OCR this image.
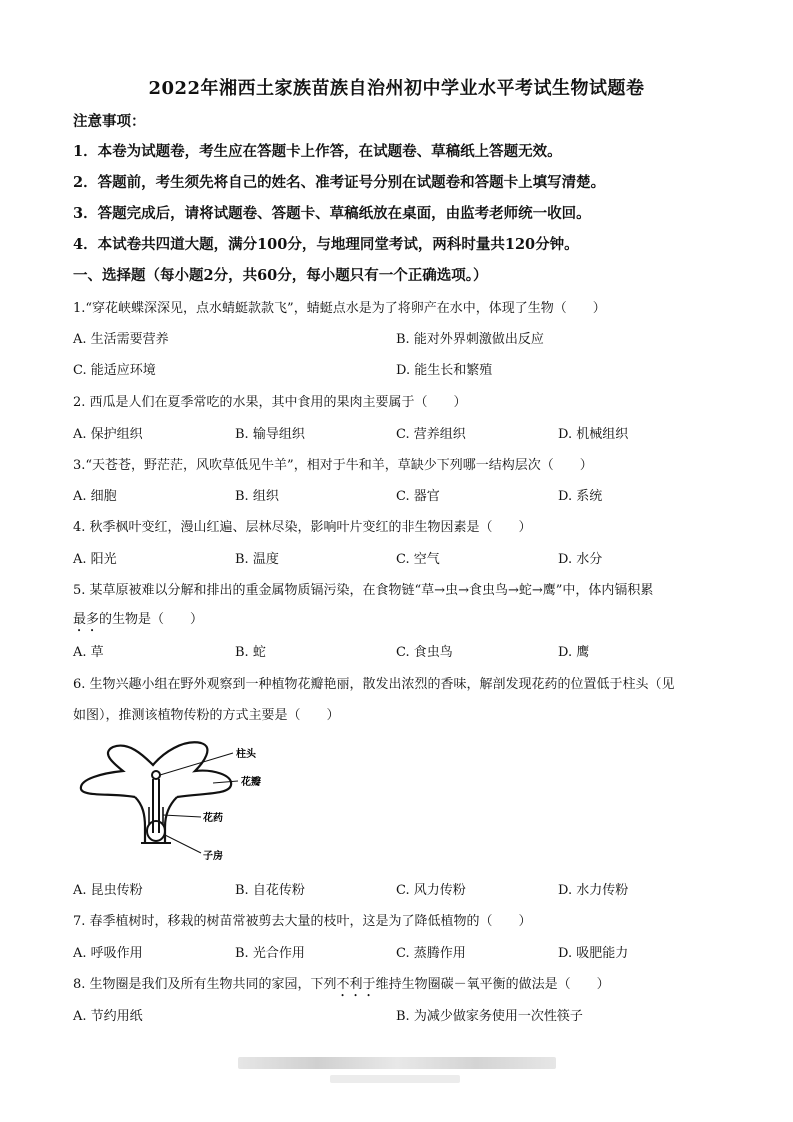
2022年湘西土家族苗族自治州初中学业水平考试生物试题卷
注意事项：
1．本卷为试题卷，考生应在答题卡上作答，在试题卷、草稿纸上答题无效。
2．答题前，考生须先将自己的姓名、准考证号分别在试题卷和答题卡上填写清楚。
3．答题完成后，请将试题卷、答题卡、草稿纸放在桌面，由监考老师统一收回。
4．本试卷共四道大题，满分100分，与地理同堂考试，两科时量共120分钟。
一、选择题（每小题2分，共60分，每小题只有一个正确选项。）
1.“穿花峡蝶深深见，点水蜻蜓款款飞”，蜻蜓点水是为了将卵产在水中，体现了生物（　　）
A. 生活需要营养	B. 能对外界刺激做出反应
C. 能适应环境	D. 能生长和繁殖
2. 西瓜是人们在夏季常吃的水果，其中食用的果肉主要属于（　　）
A. 保护组织	B. 输导组织	C. 营养组织	D. 机械组织
3.“天苍苍，野茫茫，风吹草低见牛羊”，相对于牛和羊，草缺少下列哪一结构层次（　　）
A. 细胞	B. 组织	C. 器官	D. 系统
4. 秋季枫叶变红，漫山红遍、层林尽染，影响叶片变红的非生物因素是（　　）
A. 阳光	B. 温度	C. 空气	D. 水分
5. 某草原被难以分解和排出的重金属物质镉污染，在食物链“草→虫→食虫鸟→蛇→鹰”中，体内镉积累
最多的生物是（　　）
A. 草	B. 蛇	C. 食虫鸟	D. 鹰
6. 生物兴趣小组在野外观察到一种植物花瓣艳丽，散发出浓烈的香味，解剖发现花药的位置低于柱头（见
如图），推测该植物传粉的方式主要是（　　）
柱头
花瓣
花药
子房
A. 昆虫传粉	B. 自花传粉	C. 风力传粉	D. 水力传粉
7. 春季植树时，移栽的树苗常被剪去大量的枝叶，这是为了降低植物的（　　）
A. 呼吸作用	B. 光合作用	C. 蒸腾作用	D. 吸肥能力
8. 生物圈是我们及所有生物共同的家园，下列不利于维持生物圈碳－氧平衡的做法是（　　）
A. 节约用纸	B. 为减少做家务使用一次性筷子
